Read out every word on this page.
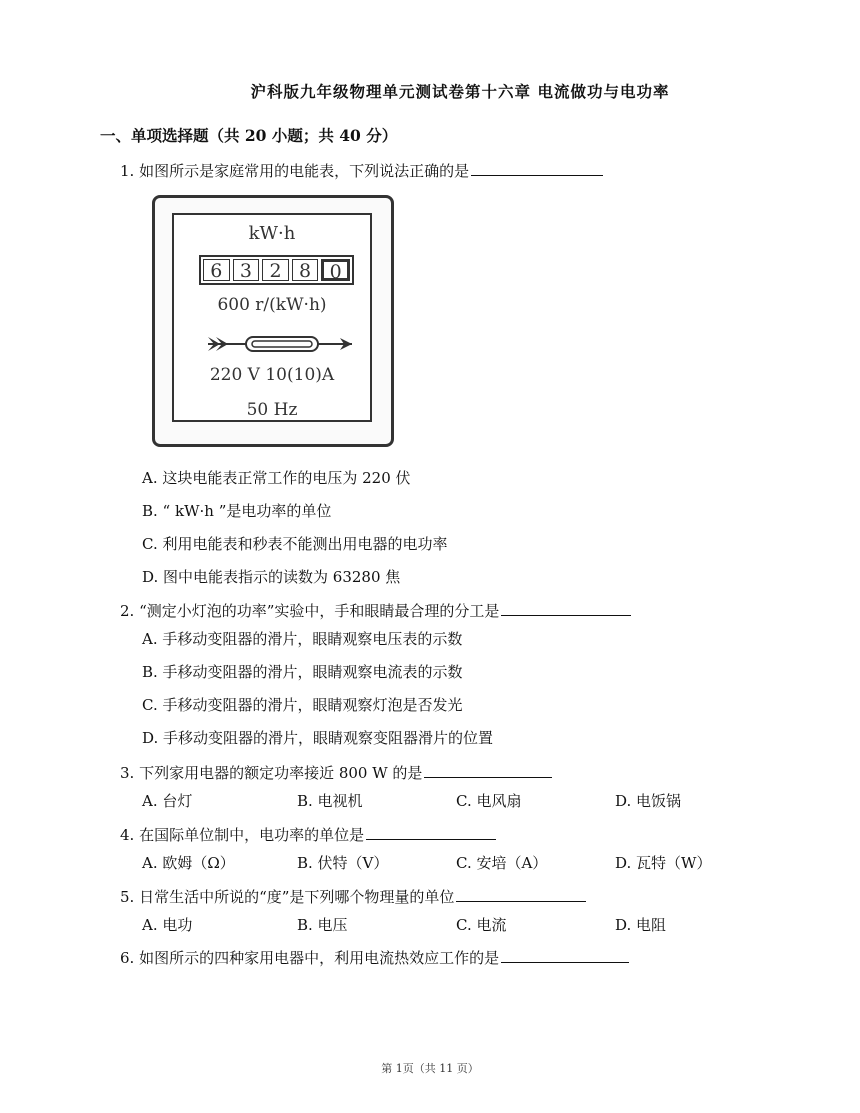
沪科版九年级物理单元测试卷第十六章 电流做功与电功率
一、单项选择题（共 20 小题；共 40 分）
1. 如图所示是家庭常用的电能表，下列说法正确的是
kW·h
6 3 2 8 0
600 r/(kW·h)
220 V 10(10)A
50 Hz
A. 这块电能表正常工作的电压为 220 伏
B. “ kW·h ”是电功率的单位
C. 利用电能表和秒表不能测出用电器的电功率
D. 图中电能表指示的读数为 63280 焦
2. “测定小灯泡的功率”实验中，手和眼睛最合理的分工是
A. 手移动变阻器的滑片，眼睛观察电压表的示数
B. 手移动变阻器的滑片，眼睛观察电流表的示数
C. 手移动变阻器的滑片，眼睛观察灯泡是否发光
D. 手移动变阻器的滑片，眼睛观察变阻器滑片的位置
3. 下列家用电器的额定功率接近 800 W 的是
A. 台灯	B. 电视机	C. 电风扇	D. 电饭锅
4. 在国际单位制中，电功率的单位是
A. 欧姆（Ω）	B. 伏特（V）	C. 安培（A）	D. 瓦特（W）
5. 日常生活中所说的“度”是下列哪个物理量的单位
A. 电功	B. 电压	C. 电流	D. 电阻
6. 如图所示的四种家用电器中，利用电流热效应工作的是
第 1页（共 11 页）
